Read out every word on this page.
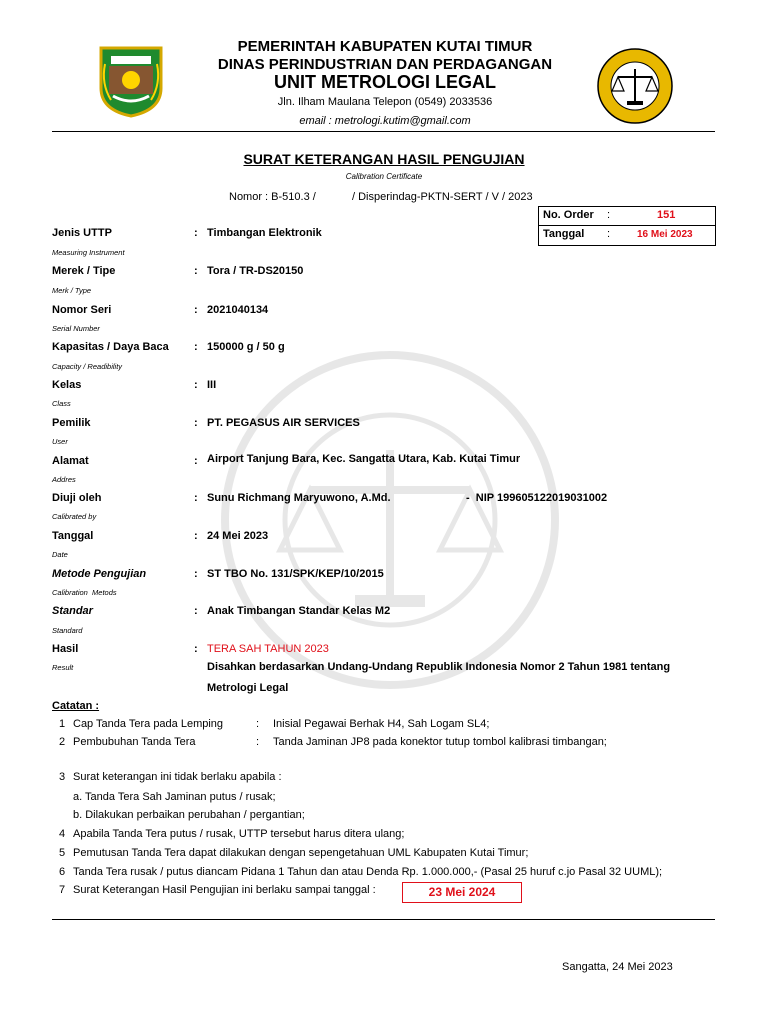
PEMERINTAH KABUPATEN KUTAI TIMUR
DINAS PERINDUSTRIAN DAN PERDAGANGAN
UNIT METROLOGI LEGAL
Jln. Ilham Maulana Telepon (0549) 2033536
email : metrologi.kutim@gmail.com
SURAT KETERANGAN HASIL PENGUJIAN
Calibration Certificate
Nomor : B-510.3 /	/ Disperindag-PKTN-SERT / V / 2023
No. Order :	151
Tanggal :	16 Mei 2023
Jenis UTTP
Measuring Instrument
: Timbangan Elektronik
Merek / Tipe
Merk / Type
: Tora / TR-DS20150
Nomor Seri
Serial Number
: 2021040134
Kapasitas / Daya Baca
Capacity / Readibility
: 150000 g / 50 g
Kelas
Class
: III
Pemilik
User
: PT. PEGASUS AIR SERVICES
Alamat
Addres
: Airport Tanjung Bara, Kec. Sangatta Utara, Kab. Kutai Timur
Diuji oleh
Calibrated by
: Sunu Richmang Maryuwono, A.Md.	-  NIP 199605122019031002
Tanggal
Date
: 24 Mei 2023
Metode Pengujian
Calibration  Metods
: ST TBO No. 131/SPK/KEP/10/2015
Standar
Standard
: Anak Timbangan Standar Kelas M2
Hasil
Result
: TERA SAH TAHUN 2023
Disahkan berdasarkan Undang-Undang Republik Indonesia Nomor 2 Tahun 1981 tentang
Metrologi Legal
Catatan :
1 Cap Tanda Tera pada Lemping	: Inisial Pegawai Berhak H4, Sah Logam SL4;
2 Pembubuhan Tanda Tera	: Tanda Jaminan JP8 pada konektor tutup tombol kalibrasi timbangan;
3 Surat keterangan ini tidak berlaku apabila :
a. Tanda Tera Sah Jaminan putus / rusak;
b. Dilakukan perbaikan perubahan / pergantian;
4 Apabila Tanda Tera putus / rusak, UTTP tersebut harus ditera ulang;
5 Pemutusan Tanda Tera dapat dilakukan dengan sepengetahuan UML Kabupaten Kutai Timur;
6 Tanda Tera rusak / putus diancam Pidana 1 Tahun dan atau Denda Rp. 1.000.000,- (Pasal 25 huruf c.jo Pasal 32 UUML);
7 Surat Keterangan Hasil Pengujian ini berlaku sampai tanggal :	23 Mei 2024
Sangatta, 24 Mei 2023
